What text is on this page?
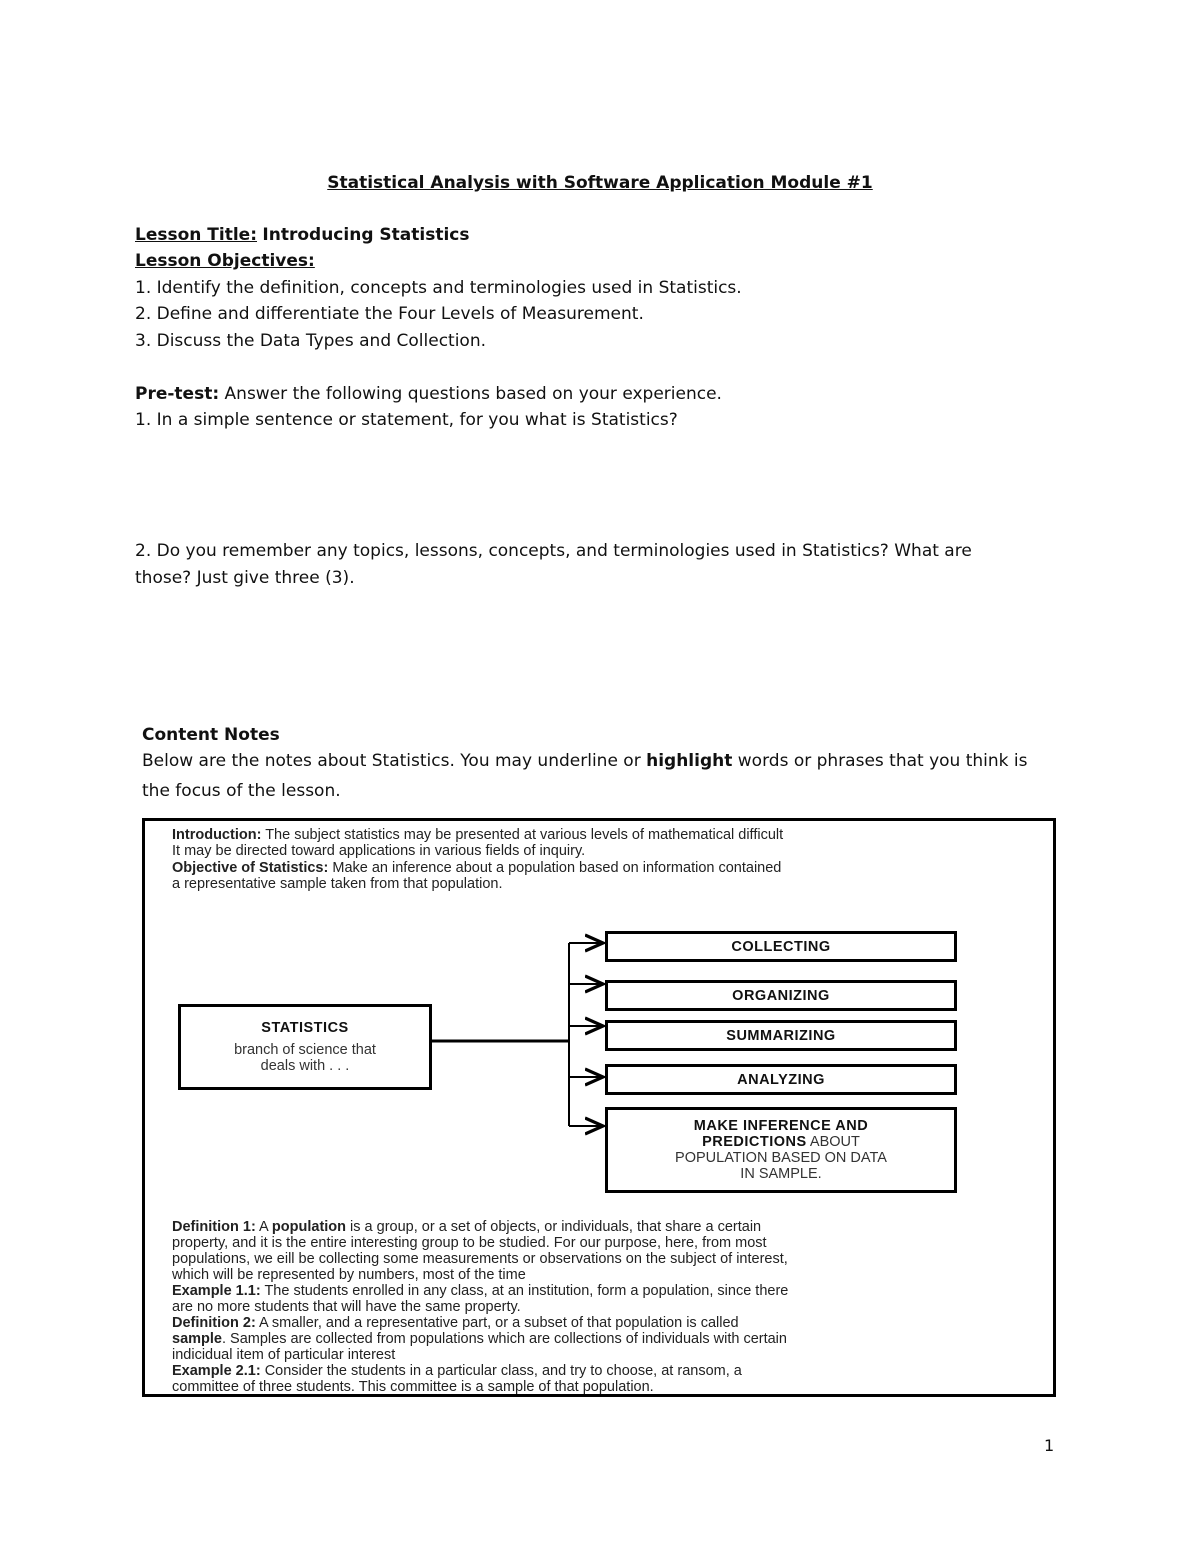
Statistical Analysis with Software Application Module #1
Lesson Title: Introducing Statistics
Lesson Objectives:
1. Identify the definition, concepts and terminologies used in Statistics.
2. Define and differentiate the Four Levels of Measurement.
3. Discuss the Data Types and Collection.
Pre-test: Answer the following questions based on your experience.
1. In a simple sentence or statement, for you what is Statistics?
2. Do you remember any topics, lessons, concepts, and terminologies used in Statistics? What are
those? Just give three (3).
Content Notes
Below are the notes about Statistics. You may underline or highlight words or phrases that you think is
the focus of the lesson.
Introduction: The subject statistics may be presented at various levels of mathematical difficult
It may be directed toward applications in various fields of inquiry.
Objective of Statistics: Make an inference about a population based on information contained
a representative sample taken from that population.
STATISTICS
branch of science that
deals with . . .
COLLECTING
ORGANIZING
SUMMARIZING
ANALYZING
MAKE INFERENCE AND
PREDICTIONS ABOUT
POPULATION BASED ON DATA
IN SAMPLE.
Definition 1: A population is a group, or a set of objects, or individuals, that share a certain
property, and it is the entire interesting group to be studied. For our purpose, here, from most
populations, we eill be collecting some measurements or observations on the subject of interest,
which will be represented by numbers, most of the time
Example 1.1: The students enrolled in any class, at an institution, form a population, since there
are no more students that will have the same property.
Definition 2: A smaller, and a representative part, or a subset of that population is called
sample. Samples are collected from populations which are collections of individuals with certain
indicidual item of particular interest
Example 2.1: Consider the students in a particular class, and try to choose, at ransom, a
committee of three students. This committee is a sample of that population.
1
